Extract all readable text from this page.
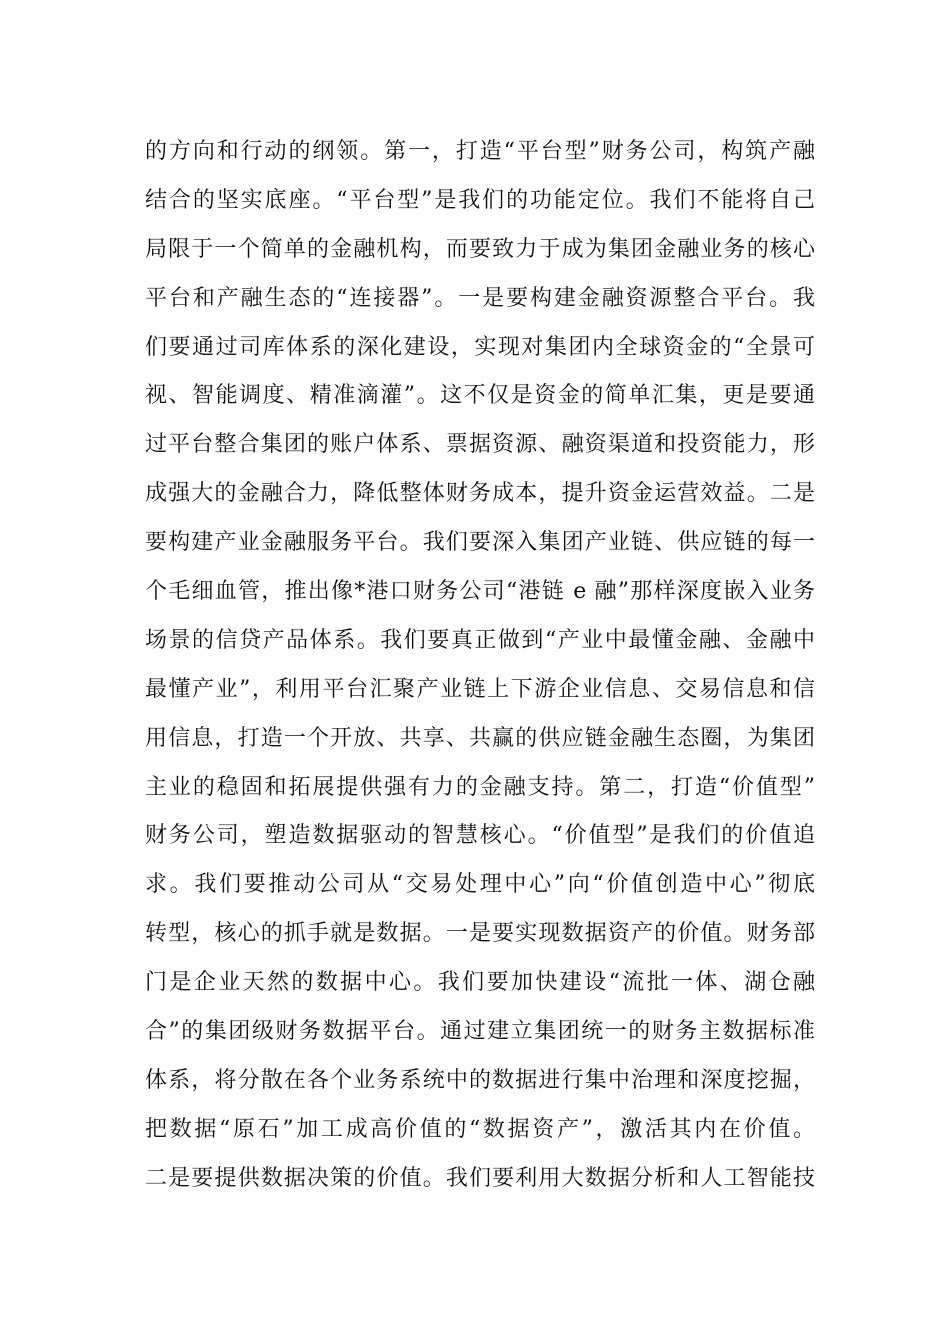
的方向和行动的纲领。第一，打造“平台型”财务公司，构筑产融
结合的坚实底座。“平台型”是我们的功能定位。我们不能将自己
局限于一个简单的金融机构，而要致力于成为集团金融业务的核心
平台和产融生态的“连接器”。一是要构建金融资源整合平台。我
们要通过司库体系的深化建设，实现对集团内全球资金的“全景可
视、智能调度、精准滴灌”。这不仅是资金的简单汇集，更是要通
过平台整合集团的账户体系、票据资源、融资渠道和投资能力，形
成强大的金融合力，降低整体财务成本，提升资金运营效益。二是
要构建产业金融服务平台。我们要深入集团产业链、供应链的每一
个毛细血管，推出像*港口财务公司“港链 e 融”那样深度嵌入业务
场景的信贷产品体系。我们要真正做到“产业中最懂金融、金融中
最懂产业”，利用平台汇聚产业链上下游企业信息、交易信息和信
用信息，打造一个开放、共享、共赢的供应链金融生态圈，为集团
主业的稳固和拓展提供强有力的金融支持。第二，打造“价值型”
财务公司，塑造数据驱动的智慧核心。“价值型”是我们的价值追
求。我们要推动公司从“交易处理中心”向“价值创造中心”彻底
转型，核心的抓手就是数据。一是要实现数据资产的价值。财务部
门是企业天然的数据中心。我们要加快建设“流批一体、湖仓融
合”的集团级财务数据平台。通过建立集团统一的财务主数据标准
体系，将分散在各个业务系统中的数据进行集中治理和深度挖掘，
把数据“原石”加工成高价值的“数据资产”，激活其内在价值。
二是要提供数据决策的价值。我们要利用大数据分析和人工智能技
